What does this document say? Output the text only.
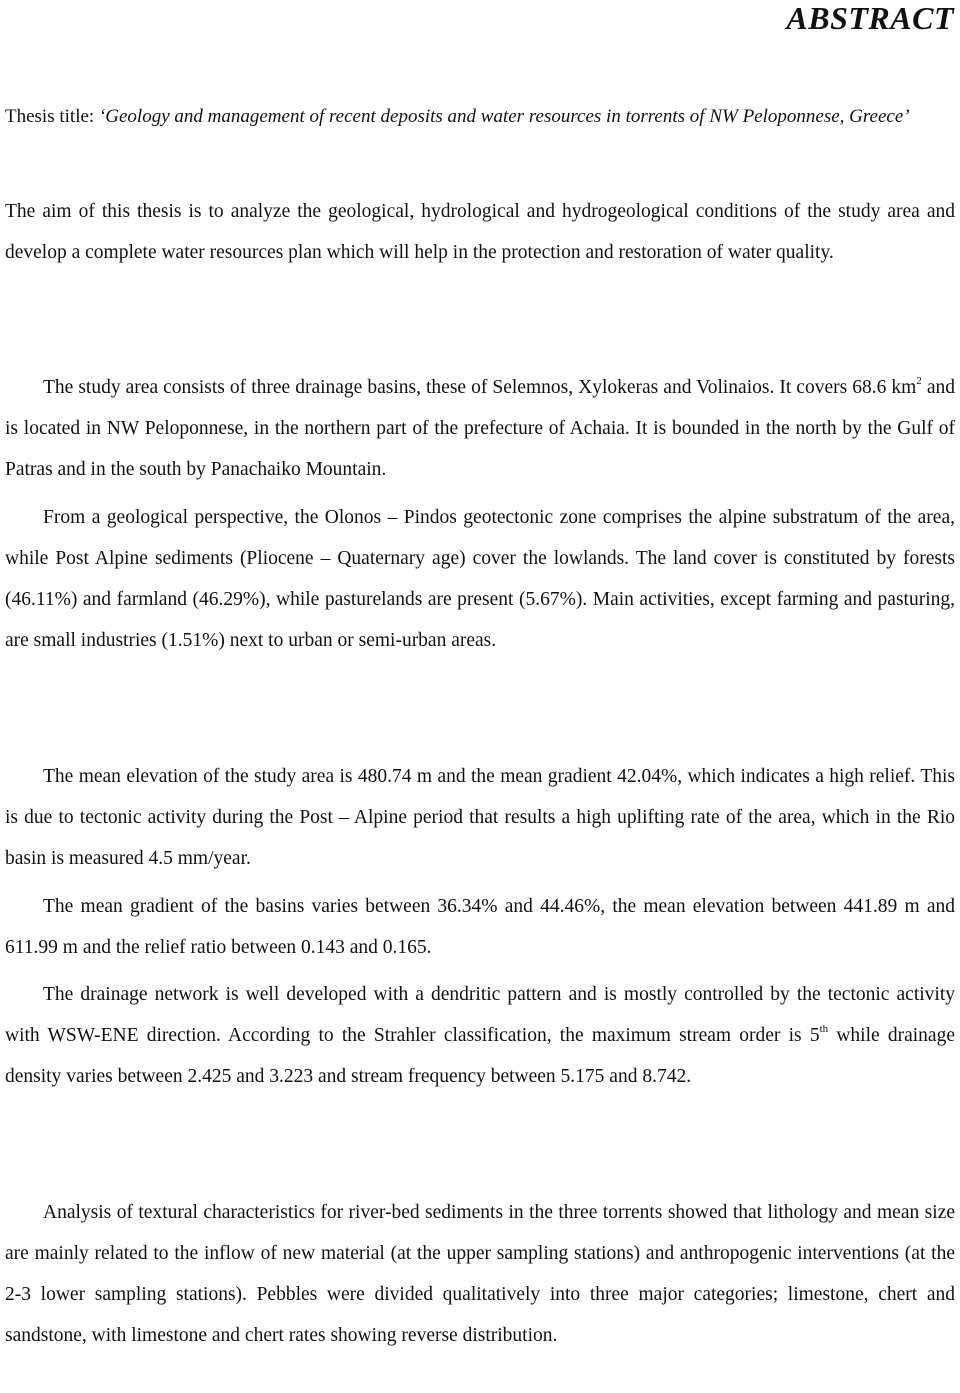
ABSTRACT
Thesis title: ‘Geology and management of recent deposits and water resources in torrents of NW Peloponnese, Greece’

The aim of this thesis is to analyze the geological, hydrological and hydrogeological conditions of the study area and develop a complete water resources plan which will help in the protection and restoration of water quality.

The study area consists of three drainage basins, these of Selemnos, Xylokeras and Volinaios. It covers 68.6 $km^2$ and is located in NW Peloponnese, in the northern part of the prefecture of Achaia. It is bounded in the north by the Gulf of Patras and in the south by Panachaiko Mountain.

From a geological perspective, the Olonos – Pindos geotectonic zone comprises the alpine substratum of the area, while Post Alpine sediments (Pliocene – Quaternary age) cover the lowlands. The land cover is constituted by forests (46.11%) and farmland (46.29%), while pasturelands are present (5.67%). Main activities, except farming and pasturing, are small industries (1.51%) next to urban or semi-urban areas.

The mean elevation of the study area is 480.74 m and the mean gradient 42.04%, which indicates a high relief. This is due to tectonic activity during the Post – Alpine period that results a high uplifting rate of the area, which in the Rio basin is measured 4.5 mm/year.

The mean gradient of the basins varies between 36.34% and 44.46%, the mean elevation between 441.89 m and 611.99 m and the relief ratio between 0.143 and 0.165.

The drainage network is well developed with a dendritic pattern and is mostly controlled by the tectonic activity with WSW-ENE direction. According to the Strahler classification, the maximum stream order is 5th while drainage density varies between 2.425 and 3.223 and stream frequency between 5.175 and 8.742.

Analysis of textural characteristics for river-bed sediments in the three torrents showed that lithology and mean size are mainly related to the inflow of new material (at the upper sampling stations) and anthropogenic interventions (at the 2-3 lower sampling stations). Pebbles were divided qualitatively into three major categories; limestone, chert and sandstone, with limestone and chert rates showing reverse distribution.
